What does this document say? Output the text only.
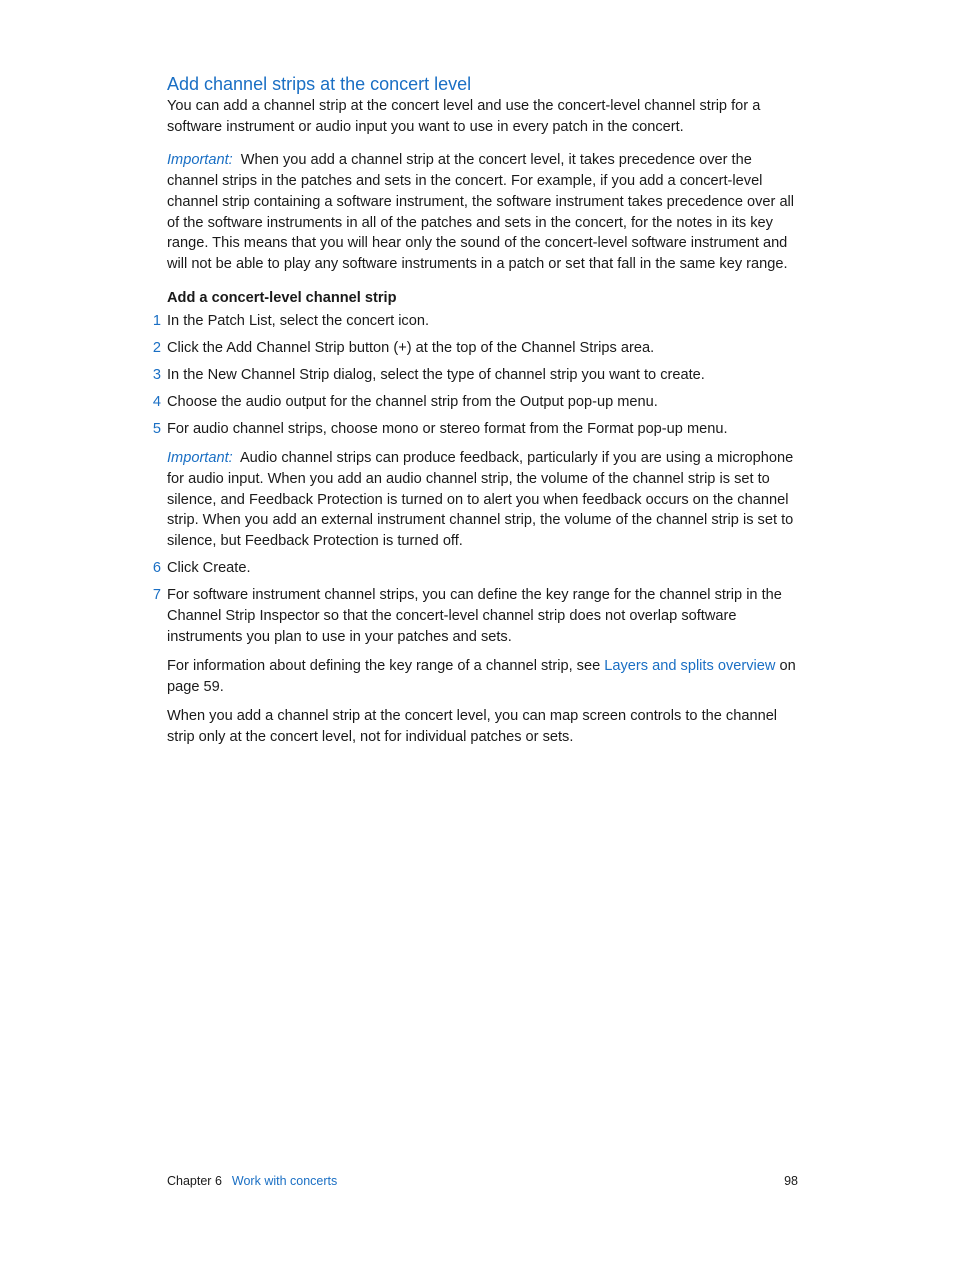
Add channel strips at the concert level

You can add a channel strip at the concert level and use the concert-level channel strip for a software instrument or audio input you want to use in every patch in the concert.

Important: When you add a channel strip at the concert level, it takes precedence over the channel strips in the patches and sets in the concert. For example, if you add a concert-level channel strip containing a software instrument, the software instrument takes precedence over all of the software instruments in all of the patches and sets in the concert, for the notes in its key range. This means that you will hear only the sound of the concert-level software instrument and will not be able to play any software instruments in a patch or set that fall in the same key range.

Add a concert-level channel strip
1 In the Patch List, select the concert icon.
2 Click the Add Channel Strip button (+) at the top of the Channel Strips area.
3 In the New Channel Strip dialog, select the type of channel strip you want to create.
4 Choose the audio output for the channel strip from the Output pop-up menu.
5 For audio channel strips, choose mono or stereo format from the Format pop-up menu.

Important: Audio channel strips can produce feedback, particularly if you are using a microphone for audio input. When you add an audio channel strip, the volume of the channel strip is set to silence, and Feedback Protection is turned on to alert you when feedback occurs on the channel strip. When you add an external instrument channel strip, the volume of the channel strip is set to silence, but Feedback Protection is turned off.

6 Click Create.
7 For software instrument channel strips, you can define the key range for the channel strip in the Channel Strip Inspector so that the concert-level channel strip does not overlap software instruments you plan to use in your patches and sets.

For information about defining the key range of a channel strip, see Layers and splits overview on page 59.

When you add a channel strip at the concert level, you can map screen controls to the channel strip only at the concert level, not for individual patches or sets.

Chapter 6 Work with concerts	98
